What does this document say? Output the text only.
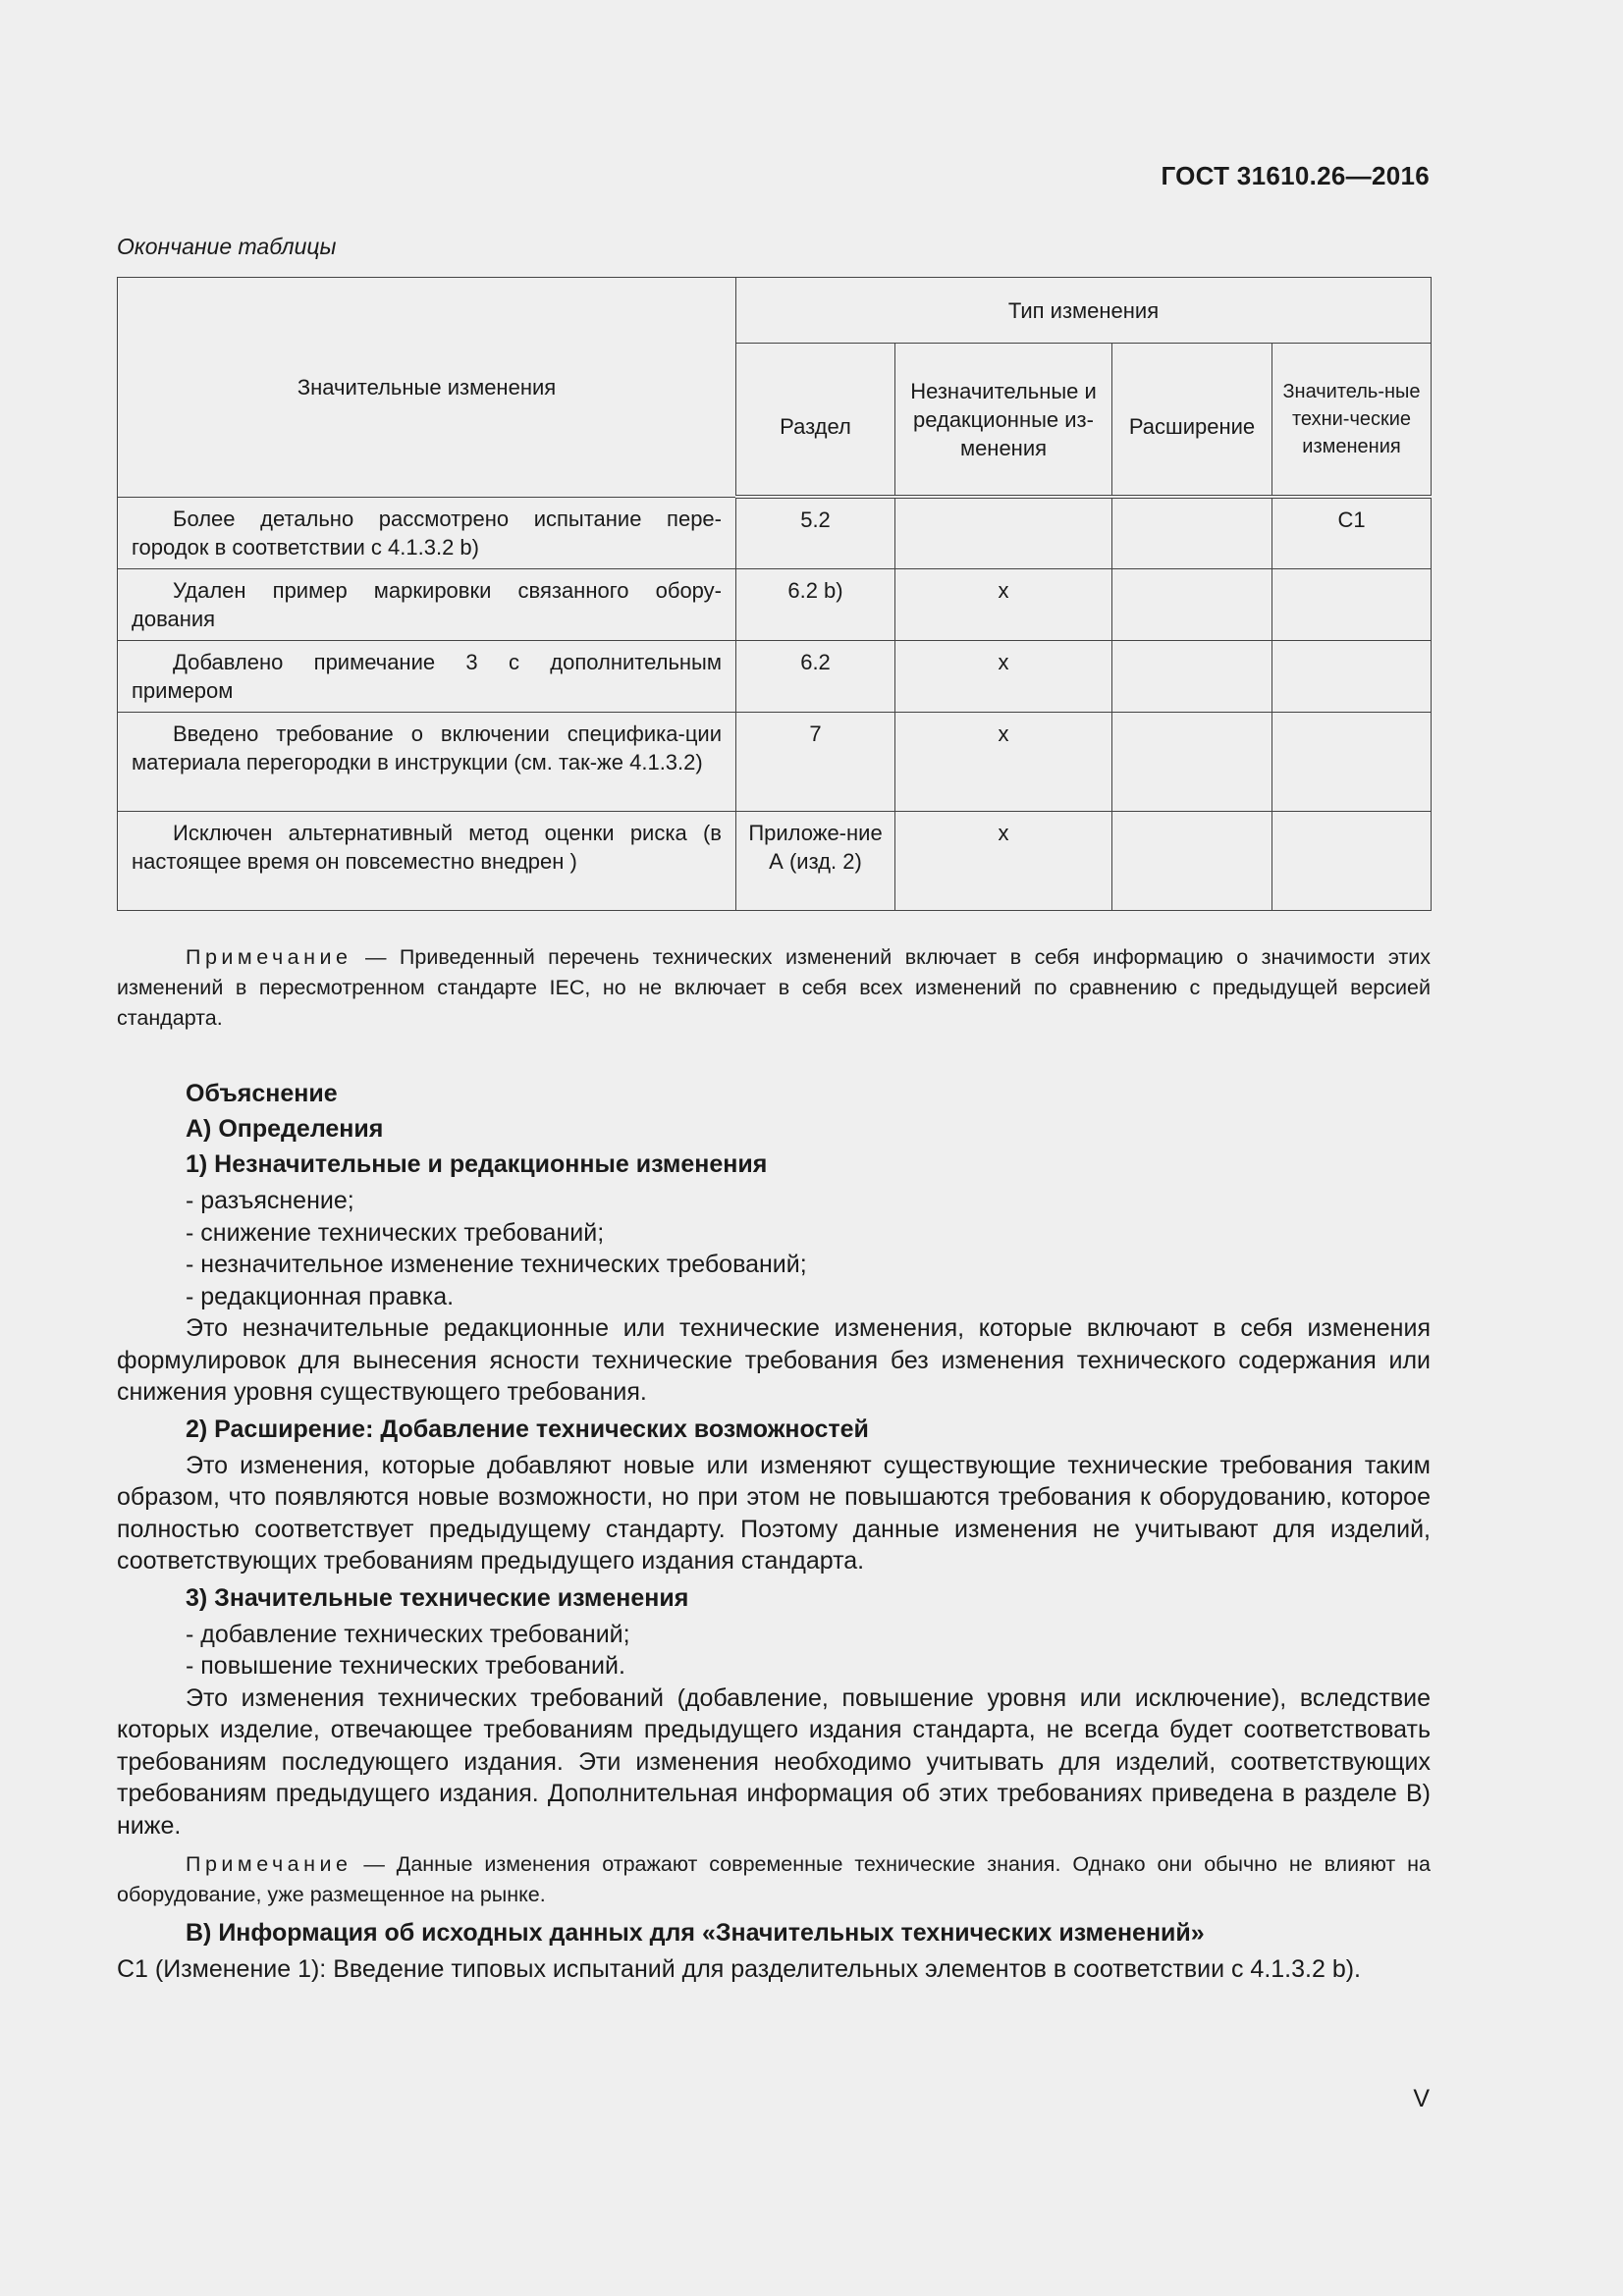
ГОСТ 31610.26—2016
Окончание таблицы
Значительные изменения	Тип изменения			
	Раздел	Незначительные и редакционные из-менения	Расширение	Значитель-ные техни-ческие изменения
Более детально рассмотрено испытание пере-городок в соответствии с 4.1.3.2 b)	5.2			C1
Удален пример маркировки связанного обору-дования	6.2 b)	x		
Добавлено примечание 3 с дополнительным примером	6.2	x		
Введено требование о включении специфика-ции материала перегородки в инструкции (см. так-же 4.1.3.2)	7	x		
Исключен альтернативный метод оценки риска (в настоящее время он повсеместно внедрен )	Приложе-ние А (изд. 2)	x		
Примечание — Приведенный перечень технических изменений включает в себя информацию о значимости этих изменений в пересмотренном стандарте IEC, но не включает в себя всех изменений по сравнению с предыдущей версией стандарта.

Объяснение

А) Определения

1) Незначительные и редакционные изменения

- разъяснение;

- снижение технических требований;

- незначительное изменение технических требований;

- редакционная правка.

Это незначительные редакционные или технические изменения, которые включают в себя изменения формулировок для вынесения ясности технические требования без изменения технического содержания или снижения уровня существующего требования.

2) Расширение: Добавление технических возможностей

Это изменения, которые добавляют новые или изменяют существующие технические требования таким образом, что появляются новые возможности, но при этом не повышаются требования к оборудованию, которое полностью соответствует предыдущему стандарту. Поэтому данные изменения не учитывают для изделий, соответствующих требованиям предыдущего издания стандарта.

3) Значительные технические изменения

- добавление технических требований;

- повышение технических требований.

Это изменения технических требований (добавление, повышение уровня или исключение), вследствие которых изделие, отвечающее требованиям предыдущего издания стандарта, не всегда будет соответствовать требованиям последующего издания. Эти изменения необходимо учитывать для изделий, соответствующих требованиям предыдущего издания. Дополнительная информация об этих требованиях приведена в разделе В) ниже.

Примечание — Данные изменения отражают современные технические знания. Однако они обычно не влияют на оборудование, уже размещенное на рынке.

В) Информация об исходных данных для «Значительных технических изменений»

C1 (Изменение 1): Введение типовых испытаний для разделительных элементов в соответствии с 4.1.3.2 b).

V
